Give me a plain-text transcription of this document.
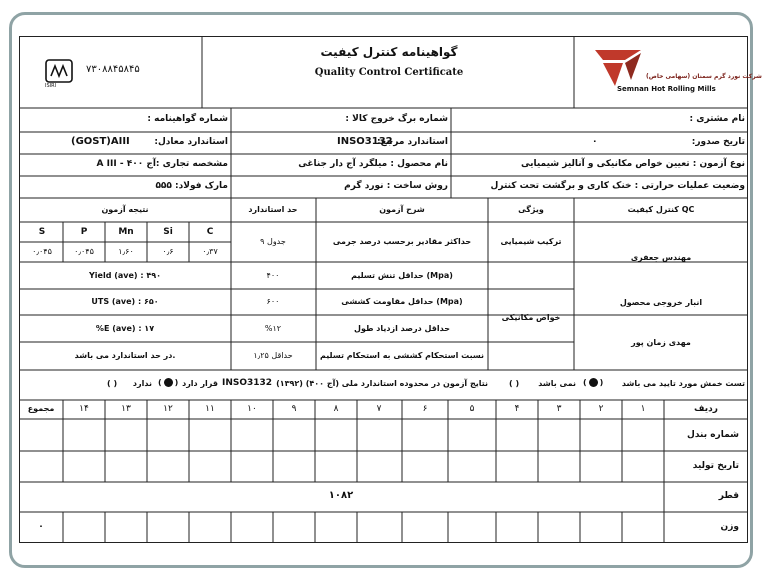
گواهینامه کنترل کیفیت
Quality Control Certificate	شرکت نورد گرم سمنان (سهامی خاص)
Semnan Hot Rolling Mills
ISIRI
۷۳۰۸۸۴۵۸۴۵
نام مشتری :
شماره برگ خروج کالا :
شماره گواهینامه :
تاریخ صدور:
۰
استاندارد مرجع:
INSO3132
استاندارد معادل:
(GOST)AIII
نوع آزمون : تعیین خواص مکانیکی و آنالیز شیمیایی
نام محصول : میلگرد آج دار جناغی
مشخصه تجاری :آج ۴۰۰ - A III
وضعیت عملیات حرارتی : خنک کاری و برگشت تحت کنترل
روش ساخت : نورد گرم
مارک فولاد: ۵۵۵
کنترل کیفیت QC
ویژگی
شرح آزمون
حد استاندارد
نتیجه آزمون
مهندس جعفری
انبار خروجی محصول
مهدی زمان پور
ترکیب شیمیایی
خواص مکانیکی
حداکثر مقادیر برحسب درصد جرمی
حداقل تنش تسلیم (Mpa)
حداقل مقاومت کششی (Mpa)
حداقل درصد ازدیاد طول
نسبت استحکام کششی به استحکام تسلیم
جدول ۹
۴۰۰
۶۰۰
%۱۲
۱٫۲۵ حداقل
C
Si
Mn
P
S
۰٫۳۷
۰٫۶
۱٫۶۰
۰٫۰۴۵
۰٫۰۴۵
Yield (ave) : ۴۹۰
UTS (ave) : ۶۵۰
%E (ave) : ۱۷
در حد استاندارد می باشد.
تست خمش مورد تایید می باشد
( )
نمی باشد
( )
نتایج آزمون در محدوده استاندارد ملی (آج ۴۰۰) (۱۳۹۲)
INSO3132
قرار دارد
( )
ندارد
( )
ردیف
مجموع	۱
۲
۳
۴
۵
۶
۷
۸
۹
۱۰
۱۱
۱۲
۱۳
۱۴
شماره بندل
تاریخ تولید
قطر
۱۰۸۲
وزن
۰
